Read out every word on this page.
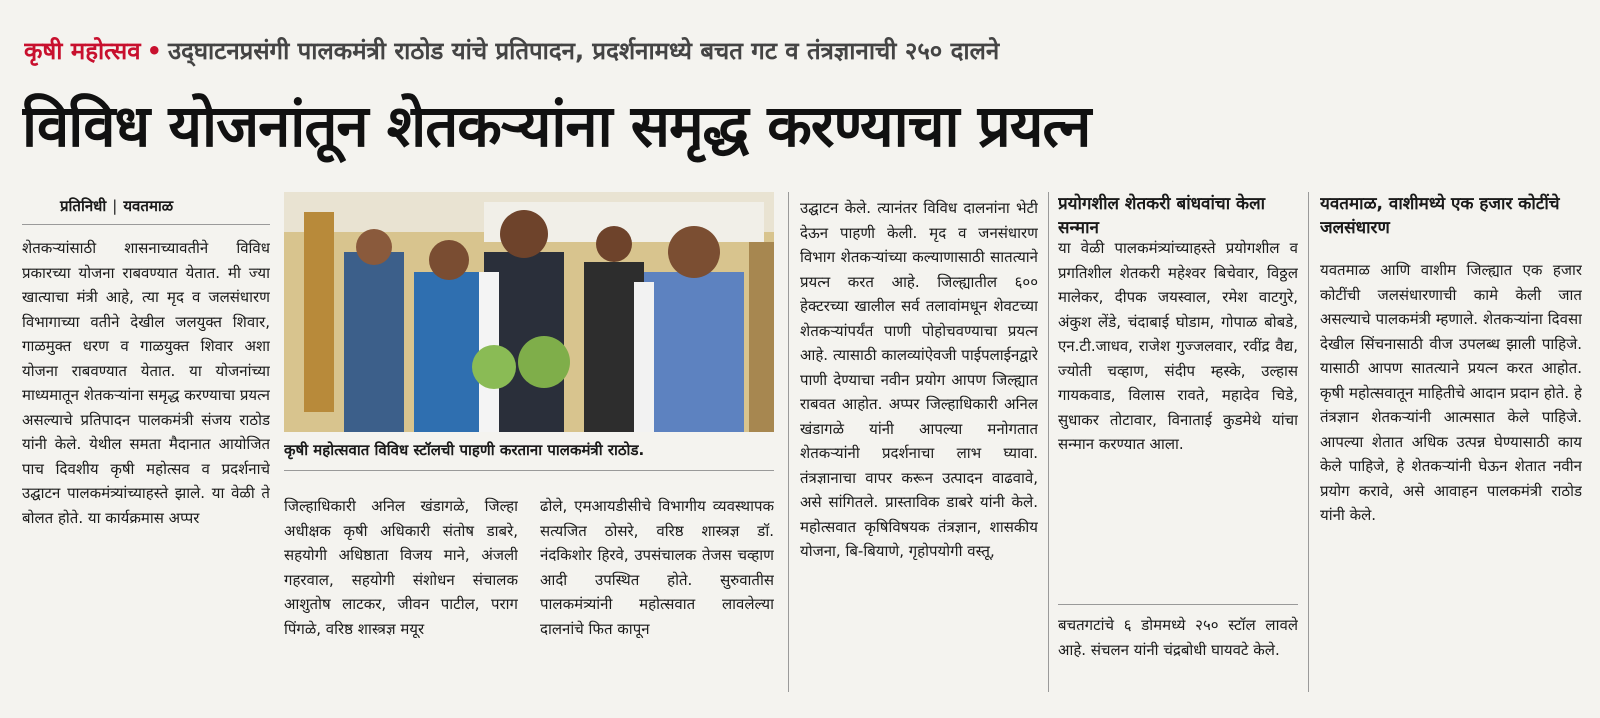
कृषी महोत्सव • उद्‌घाटनप्रसंगी पालकमंत्री राठोड यांचे प्रतिपादन, प्रदर्शनामध्ये बचत गट व तंत्रज्ञानाची २५० दालने
विविध योजनांतून शेतकऱ्यांना समृद्ध करण्याचा प्रयत्न
प्रतिनिधी | यवतमाळ
शेतकऱ्यांसाठी शासनाच्यावतीने विविध प्रकारच्या योजना राबवण्यात येतात. मी ज्या खात्याचा मंत्री आहे, त्या मृद व जलसंधारण विभागाच्या वतीने देखील जलयुक्त शिवार, गाळमुक्त धरण व गाळयुक्त शिवार अशा योजना राबवण्यात येतात. या योजनांच्या माध्यमातून शेतकऱ्यांना समृद्ध करण्याचा प्रयत्न असल्याचे प्रतिपादन पालकमंत्री संजय राठोड यांनी केले. येथील समता मैदानात आयोजित पाच दिवशीय कृषी महोत्सव व प्रदर्शनाचे उद्घाटन पालकमंत्र्यांच्याहस्ते झाले. या वेळी ते बोलत होते. या कार्यक्रमास अप्पर
कृषी महोत्सवात विविध स्टॉलची पाहणी करताना पालकमंत्री राठोड.
जिल्हाधिकारी अनिल खंडागळे, जिल्हा अधीक्षक कृषी अधिकारी संतोष डाबरे, सहयोगी अधिष्ठाता विजय माने, अंजली गहरवाल, सहयोगी संशोधन संचालक आशुतोष लाटकर, जीवन पाटील, पराग पिंगळे, वरिष्ठ शास्त्रज्ञ मयूर
ढोले, एमआयडीसीचे विभागीय व्यवस्थापक सत्यजित ठोसरे, वरिष्ठ शास्त्रज्ञ डॉ. नंदकिशोर हिरवे, उपसंचालक तेजस चव्हाण आदी उपस्थित होते. सुरुवातीस पालकमंत्र्यांनी महोत्सवात लावलेल्या दालनांचे फित कापून
उद्घाटन केले. त्यानंतर विविध दालनांना भेटी देऊन पाहणी केली. मृद व जनसंधारण विभाग शेतकऱ्यांच्या कल्याणासाठी सातत्याने प्रयत्न करत आहे. जिल्ह्यातील ६०० हेक्टरच्या खालील सर्व तलावांमधून शेवटच्या शेतकऱ्यांपर्यंत पाणी पोहोचवण्याचा प्रयत्न आहे. त्यासाठी कालव्यांऐवजी पाईपलाईनद्वारे पाणी देण्याचा नवीन प्रयोग आपण जिल्ह्यात राबवत आहोत. अप्पर जिल्हाधिकारी अनिल खंडागळे यांनी आपल्या मनोगतात शेतकऱ्यांनी प्रदर्शनाचा लाभ घ्यावा. तंत्रज्ञानाचा वापर करून उत्पादन वाढवावे, असे सांगितले. प्रास्ताविक डाबरे यांनी केले. महोत्सवात कृषिविषयक तंत्रज्ञान, शासकीय योजना, बि-बियाणे, गृहोपयोगी वस्तू,
प्रयोगशील शेतकरी बांधवांचा केला सन्मान
या वेळी पालकमंत्र्यांच्याहस्ते प्रयोगशील व प्रगतिशील शेतकरी महेश्वर बिचेवार, विठ्ठल मालेकर, दीपक जयस्वाल, रमेश वाटगुरे, अंकुश लेंडे, चंदाबाई घोडाम, गोपाळ बोबडे, एन.टी.जाधव, राजेश गुज्जलवार, रवींद्र वैद्य, ज्योती चव्हाण, संदीप म्हस्के, उल्हास गायकवाड, विलास रावते, महादेव चिडे, सुधाकर तोटावार, विनाताई कुडमेथे यांचा सन्मान करण्यात आला.
बचतगटांचे ६ डोममध्ये २५० स्टॉल लावले आहे. संचलन यांनी चंद्रबोधी घायवटे केले.
यवतमाळ, वाशीमध्ये एक हजार कोटींचे जलसंधारण
यवतमाळ आणि वाशीम जिल्ह्यात एक हजार कोटींची जलसंधारणाची कामे केली जात असल्याचे पालकमंत्री म्हणाले. शेतकऱ्यांना दिवसा देखील सिंचनासाठी वीज उपलब्ध झाली पाहिजे. यासाठी आपण सातत्याने प्रयत्न करत आहोत. कृषी महोत्सवातून माहितीचे आदान प्रदान होते. हे तंत्रज्ञान शेतकऱ्यांनी आत्मसात केले पाहिजे. आपल्या शेतात अधिक उत्पन्न घेण्यासाठी काय केले पाहिजे, हे शेतकऱ्यांनी घेऊन शेतात नवीन प्रयोग करावे, असे आवाहन पालकमंत्री राठोड यांनी केले.
